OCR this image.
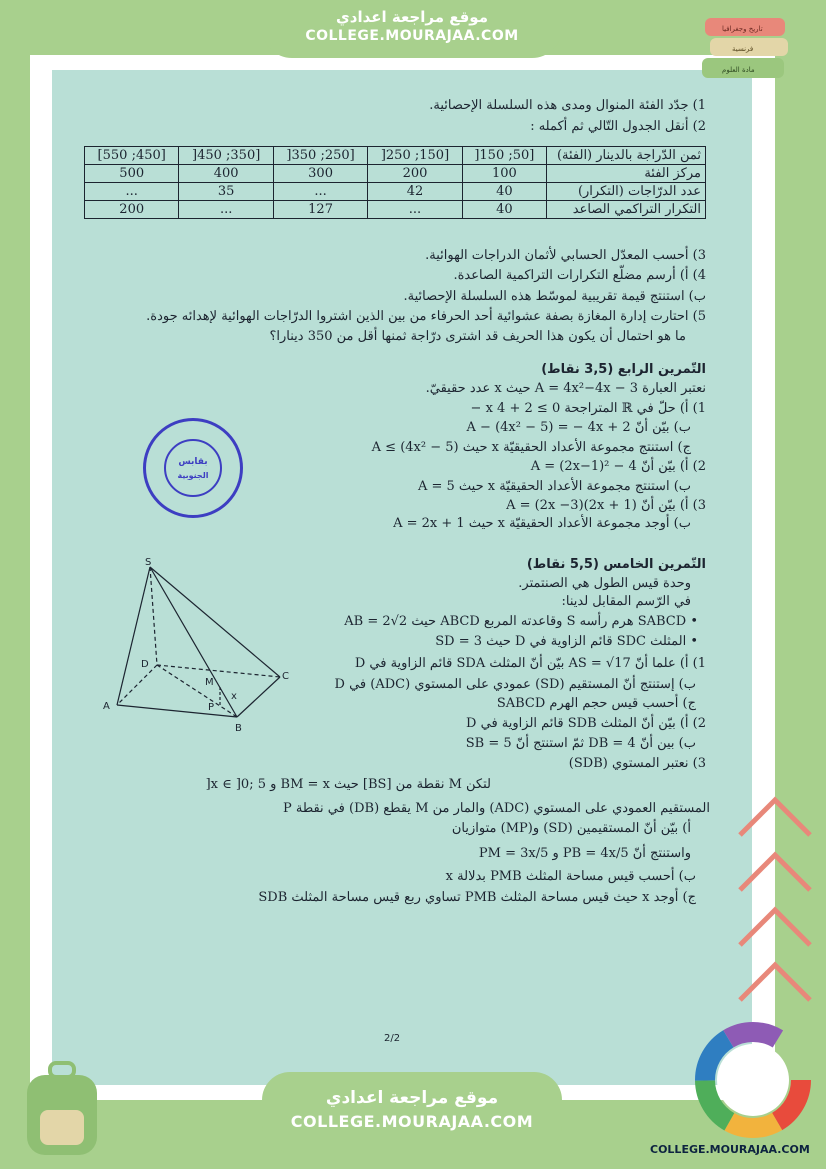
موقع مراجعة اعدادي
COLLEGE.MOURAJAA.COM	تاريخ وجغرافيا
فرنسية
مادة العلوم
1) جدّد الفئة المنوال ومدى هذه السلسلة الإحصائية.
2) أنقل الجدول التّالي ثم أكمله :
ثمن الدّراجة بالدينار (الفئة)	[50; 150[	[150; 250[	[250; 350[	[350; 450[	[450; 550]
مركز الفئة	100	200	300	400	500
عدد الدرّاجات (التكرار)	40	42	...	35	...
التكرار التراكمي الصاعد	40	...	127	...	200
3) أحسب المعدّل الحسابي لأثمان الدراجات الهوائية.
4) أ) أرسم مضلّع التكرارات التراكمية الصاعدة.
ب) استنتج قيمة تقريبية لموسّط هذه السلسلة الإحصائية.
5) احتارت إدارة المغازة بصفة عشوائية أحد الحرفاء من بين الذين اشتروا الدرّاجات الهوائية لإهدائه جودة.
ما هو احتمال أن يكون هذا الحريف قد اشترى درّاجة ثمنها أقل من 350 دينارا؟
التّمرين الرابع (3,5 نقاط)
نعتبر العبارة A = 4x²−4x − 3 حيث x عدد حقيقيّ.
1) أ) حلّ في ℝ المتراجحة 0 ≥ 2 + x 4 −
ب) بيّن أنّ A − (4x² − 5) = − 4x + 2
ج) استنتج مجموعة الأعداد الحقيقيّة x حيث (5 − 4x²) ≥ A
2) أ) بيّن أنّ A = (2x−1)² − 4
ب) استنتج مجموعة الأعداد الحقيقيّة x حيث A = 5
3) أ) بيّن أنّ A = (2x −3)(2x + 1)
ب) أوجد مجموعة الأعداد الحقيقيّة x حيث A = 2x + 1
بقابس
الجنوبية
التّمرين الخامس (5,5 نقاط)
وحدة قيس الطول هي الصنتمتر.
في الرّسم المقابل لدينا:
• SABCD هرم رأسه S وقاعدته المربع ABCD حيث AB = 2√2
• المثلث SDC قائم الزاوية في D حيث SD = 3
1) أ) علما أنّ AS = √17 بيّن أنّ المثلث SDA قائم الزاوية في D
ب) إستنتج أنّ المستقيم (SD) عمودي على المستوي (ADC) في D
ج) أحسب قيس حجم الهرم SABCD
2) أ) بيّن أنّ المثلث SDB قائم الزاوية في D
ب) بين أنّ DB = 4 ثمّ استنتج أنّ SB = 5
3) نعتبر المستوي (SDB)
لتكن M نقطة من [BS] حيث BM = x و x ∈ ]0; 5[
المستقيم العمودي على المستوي (ADC) والمار من M يقطع (DB) في نقطة P
أ) بيّن أنّ المستقيمين (SD) و(MP) متوازيان
واستنتج أنّ PB = 4x/5 و PM = 3x/5
ب) أحسب قيس مساحة المثلث PMB بدلالة x
ج) أوجد x حيث قيس مساحة المثلث PMB تساوي ربع قيس مساحة المثلث SDB
S
D
C
A
B
M
P
x
2/2
موقع مراجعة اعدادي
COLLEGE.MOURAJAA.COM
COLLEGE.MOURAJAA.COM
